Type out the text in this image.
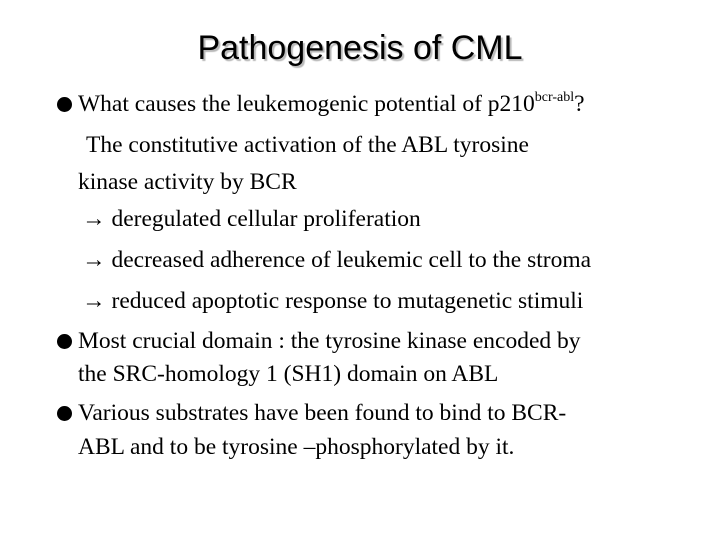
Pathogenesis of CML
What causes the leukemogenic potential of $p210^{bcr-abl}$?
The constitutive activation of the ABL tyrosine
kinase activity by BCR
→ deregulated cellular proliferation
→ decreased adherence of leukemic cell to the stroma
→ reduced apoptotic response to mutagenetic stimuli
Most crucial domain : the tyrosine kinase encoded by
the SRC-homology 1 (SH1) domain on ABL
Various substrates have been found to bind to BCR-
ABL and to be tyrosine –phosphorylated by it.
